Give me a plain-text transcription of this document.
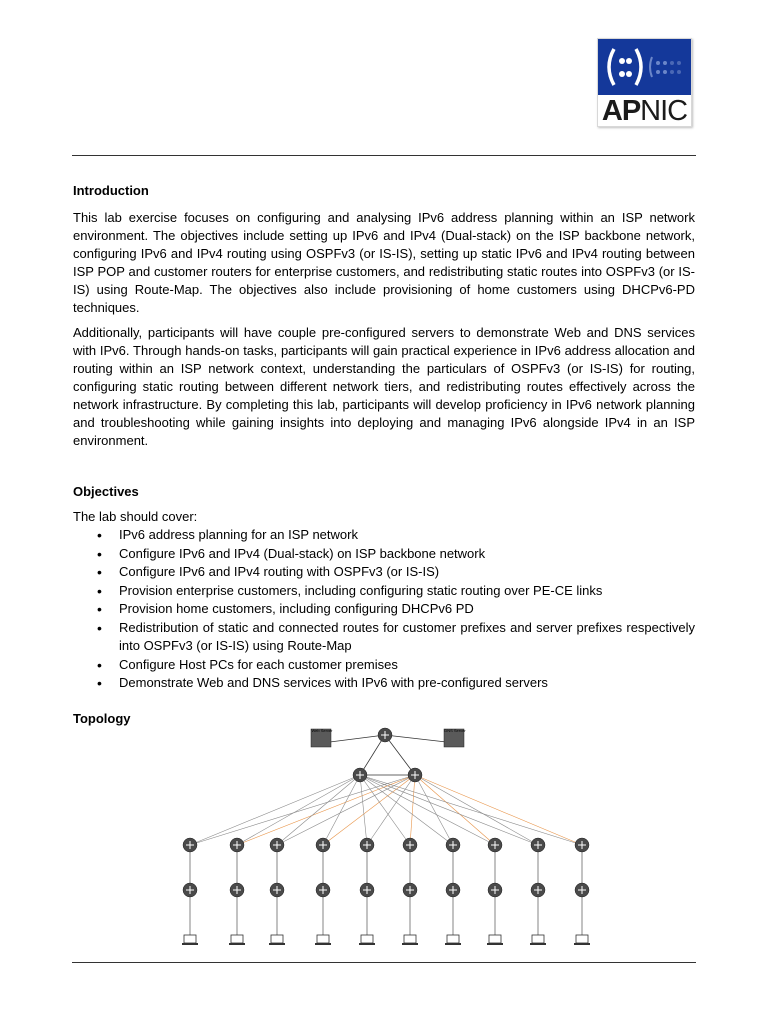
APNIC
Introduction

This lab exercise focuses on configuring and analysing IPv6 address planning within an ISP network environment. The objectives include setting up IPv6 and IPv4 (Dual-stack) on the ISP backbone network, configuring IPv6 and IPv4 routing using OSPFv3 (or IS-IS), setting up static IPv6 and IPv4 routing between ISP POP and customer routers for enterprise customers, and redistributing static routes into OSPFv3 (or IS-IS) using Route-Map. The objectives also include provisioning of home customers using DHCPv6-PD techniques.

Additionally, participants will have couple pre-configured servers to demonstrate Web and DNS services with IPv6. Through hands-on tasks, participants will gain practical experience in IPv6 address allocation and routing within an ISP network context, understanding the particulars of OSPFv3 (or IS-IS) for routing, configuring static routing between different network tiers, and redistributing routes effectively across the network infrastructure. By completing this lab, participants will develop proficiency in IPv6 network planning and troubleshooting while gaining insights into deploying and managing IPv6 alongside IPv4 in an ISP environment.

Objectives

The lab should cover:

• IPv6 address planning for an ISP network
• Configure IPv6 and IPv4 (Dual-stack) on ISP backbone network
• Configure IPv6 and IPv4 routing with OSPFv3 (or IS-IS)
• Provision enterprise customers, including configuring static routing over PE-CE links
• Provision home customers, including configuring DHCPv6 PD
• Redistribution of static and connected routes for customer prefixes and server prefixes respectively into OSPFv3 (or IS-IS) using Route-Map
• Configure Host PCs for each customer premises
• Demonstrate Web and DNS services with IPv6 with pre-configured servers
Topology
Web Server	DNS Server
